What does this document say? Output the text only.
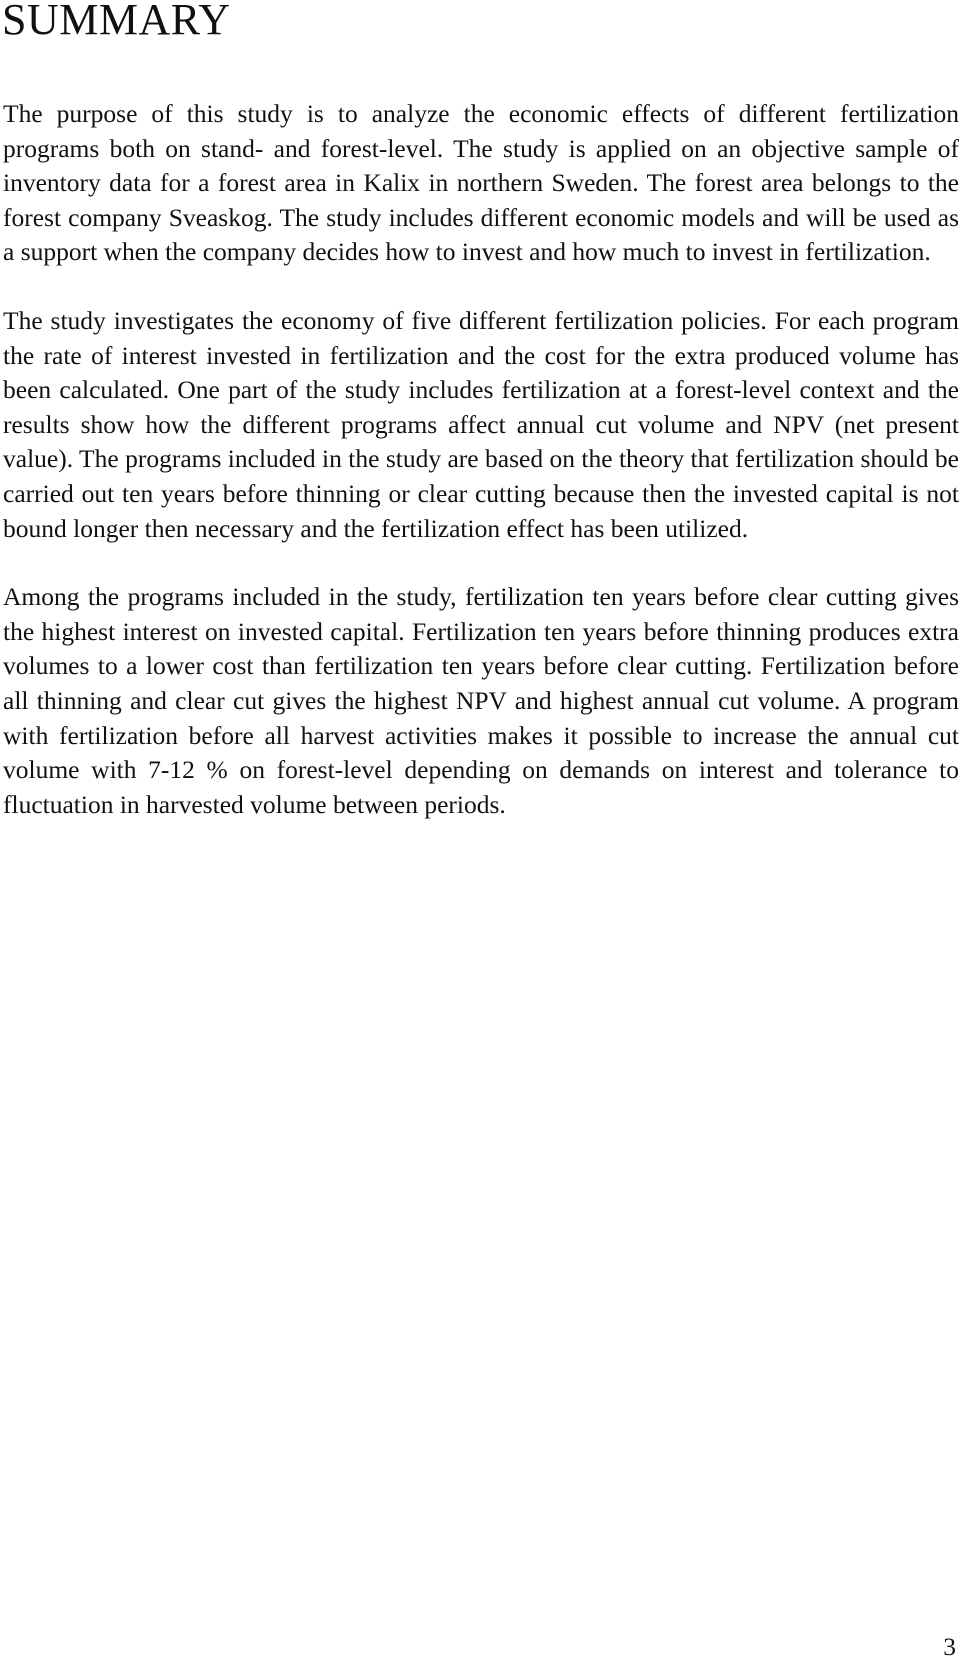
SUMMARY

The purpose of this study is to analyze the economic effects of different fertilization programs both on stand- and forest-level. The study is applied on an objective sample of inventory data for a forest area in Kalix in northern Sweden. The forest area belongs to the forest company Sveaskog. The study includes different economic models and will be used as a support when the company decides how to invest and how much to invest in fertilization.

The study investigates the economy of five different fertilization policies. For each program the rate of interest invested in fertilization and the cost for the extra produced volume has been calculated. One part of the study includes fertilization at a forest-level context and the results show how the different programs affect annual cut volume and NPV (net present value). The programs included in the study are based on the theory that fertilization should be carried out ten years before thinning or clear cutting because then the invested capital is not bound longer then necessary and the fertilization effect has been utilized.

Among the programs included in the study, fertilization ten years before clear cutting gives the highest interest on invested capital. Fertilization ten years before thinning produces extra volumes to a lower cost than fertilization ten years before clear cutting. Fertilization before all thinning and clear cut gives the highest NPV and highest annual cut volume. A program with fertilization before all harvest activities makes it possible to increase the annual cut volume with 7-12 % on forest-level depending on demands on interest and tolerance to fluctuation in harvested volume between periods.

3
